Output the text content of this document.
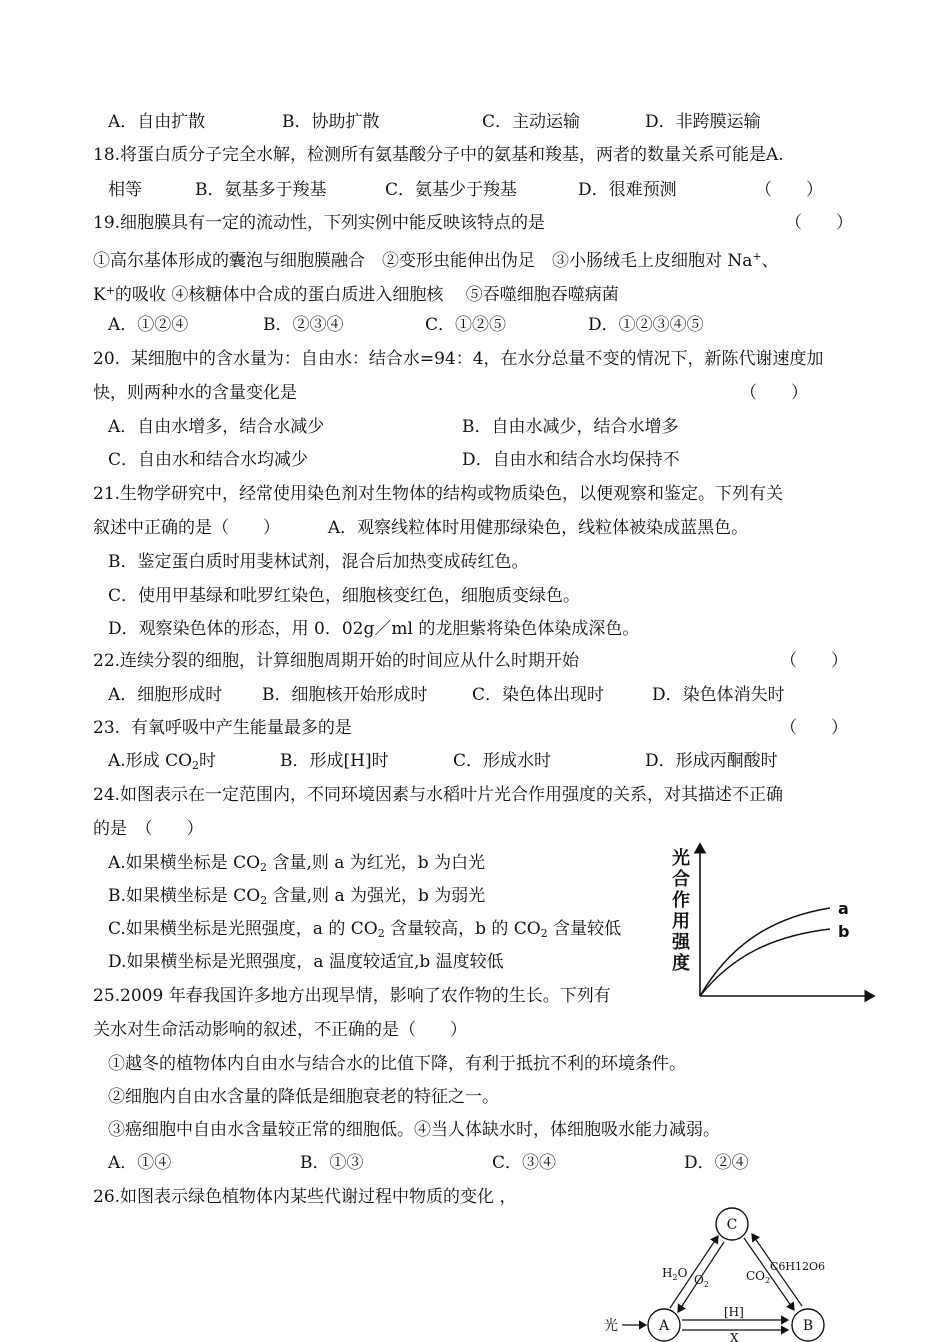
A．自由扩散	B．协助扩散	C．主动运输	D．非跨膜运输
18.将蛋白质分子完全水解，检测所有氨基酸分子中的氨基和羧基，两者的数量关系可能是A.
相等	B．氨基多于羧基	C．氨基少于羧基	D．很难预测	（　　）
19.细胞膜具有一定的流动性，下列实例中能反映该特点的是	（　　）
①高尔基体形成的囊泡与细胞膜融合　②变形虫能伸出伪足　③小肠绒毛上皮细胞对 Na+、
K+的吸收 ④核糖体中合成的蛋白质进入细胞核　 ⑤吞噬细胞吞噬病菌
A．①②④	B．②③④	C．①②⑤	D．①②③④⑤
20.  某细胞中的含水量为：自由水：结合水=94：4，在水分总量不变的情况下，新陈代谢速度加
快，则两种水的含量变化是	（　　）
A．自由水增多，结合水减少	B．自由水减少，结合水增多
C．自由水和结合水均减少	D．自由水和结合水均保持不
21.生物学研究中，经常使用染色剂对生物体的结构或物质染色，以便观察和鉴定。下列有关
叙述中正确的是（　　）　　　 A．观察线粒体时用健那绿染色，线粒体被染成蓝黑色。
B．鉴定蛋白质时用斐林试剂，混合后加热变成砖红色。
C．使用甲基绿和吡罗红染色，细胞核变红色，细胞质变绿色。
D．观察染色体的形态，用 0．02g／ml 的龙胆紫将染色体染成深色。
22.连续分裂的细胞，计算细胞周期开始的时间应从什么时期开始	（　　）
A．细胞形成时 B．细胞核开始形成时	C．染色体出现时	D．染色体消失时
23.  有氧呼吸中产生能量最多的是	（　　）
A.形成 $CO_2$时	B．形成[H]时	C．形成水时	D．形成丙酮酸时
24.如图表示在一定范围内，不同环境因素与水稻叶片光合作用强度的关系，对其描述不正确
的是　（　　）
A.如果横坐标是 $CO_2$ 含量,则 a 为红光，b 为白光
B.如果横坐标是 $CO_2$ 含量,则 a 为强光，b 为弱光
C.如果横坐标是光照强度，a 的 $CO_2$ 含量较高，b 的 $CO_2$ 含量较低
D.如果横坐标是光照强度，a 温度较适宜,b 温度较低
光
合
作
用
强
度
a
b
25.2009 年春我国许多地方出现旱情，影响了农作物的生长。下列有
关水对生命活动影响的叙述，不正确的是（　　）
①越冬的植物体内自由水与结合水的比值下降，有利于抵抗不利的环境条件。
②细胞内自由水含量的降低是细胞衰老的特征之一。
③癌细胞中自由水含量较正常的细胞低。④当人体缺水时，体细胞吸水能力减弱。
A．①④	B．①③	C．③④	D．②④
26.如图表示绿色植物体内某些代谢过程中物质的变化 ，
C
A	B
$H_2O$ $O_2$
$CO_2$
C6H12O6
[H]
X
光
